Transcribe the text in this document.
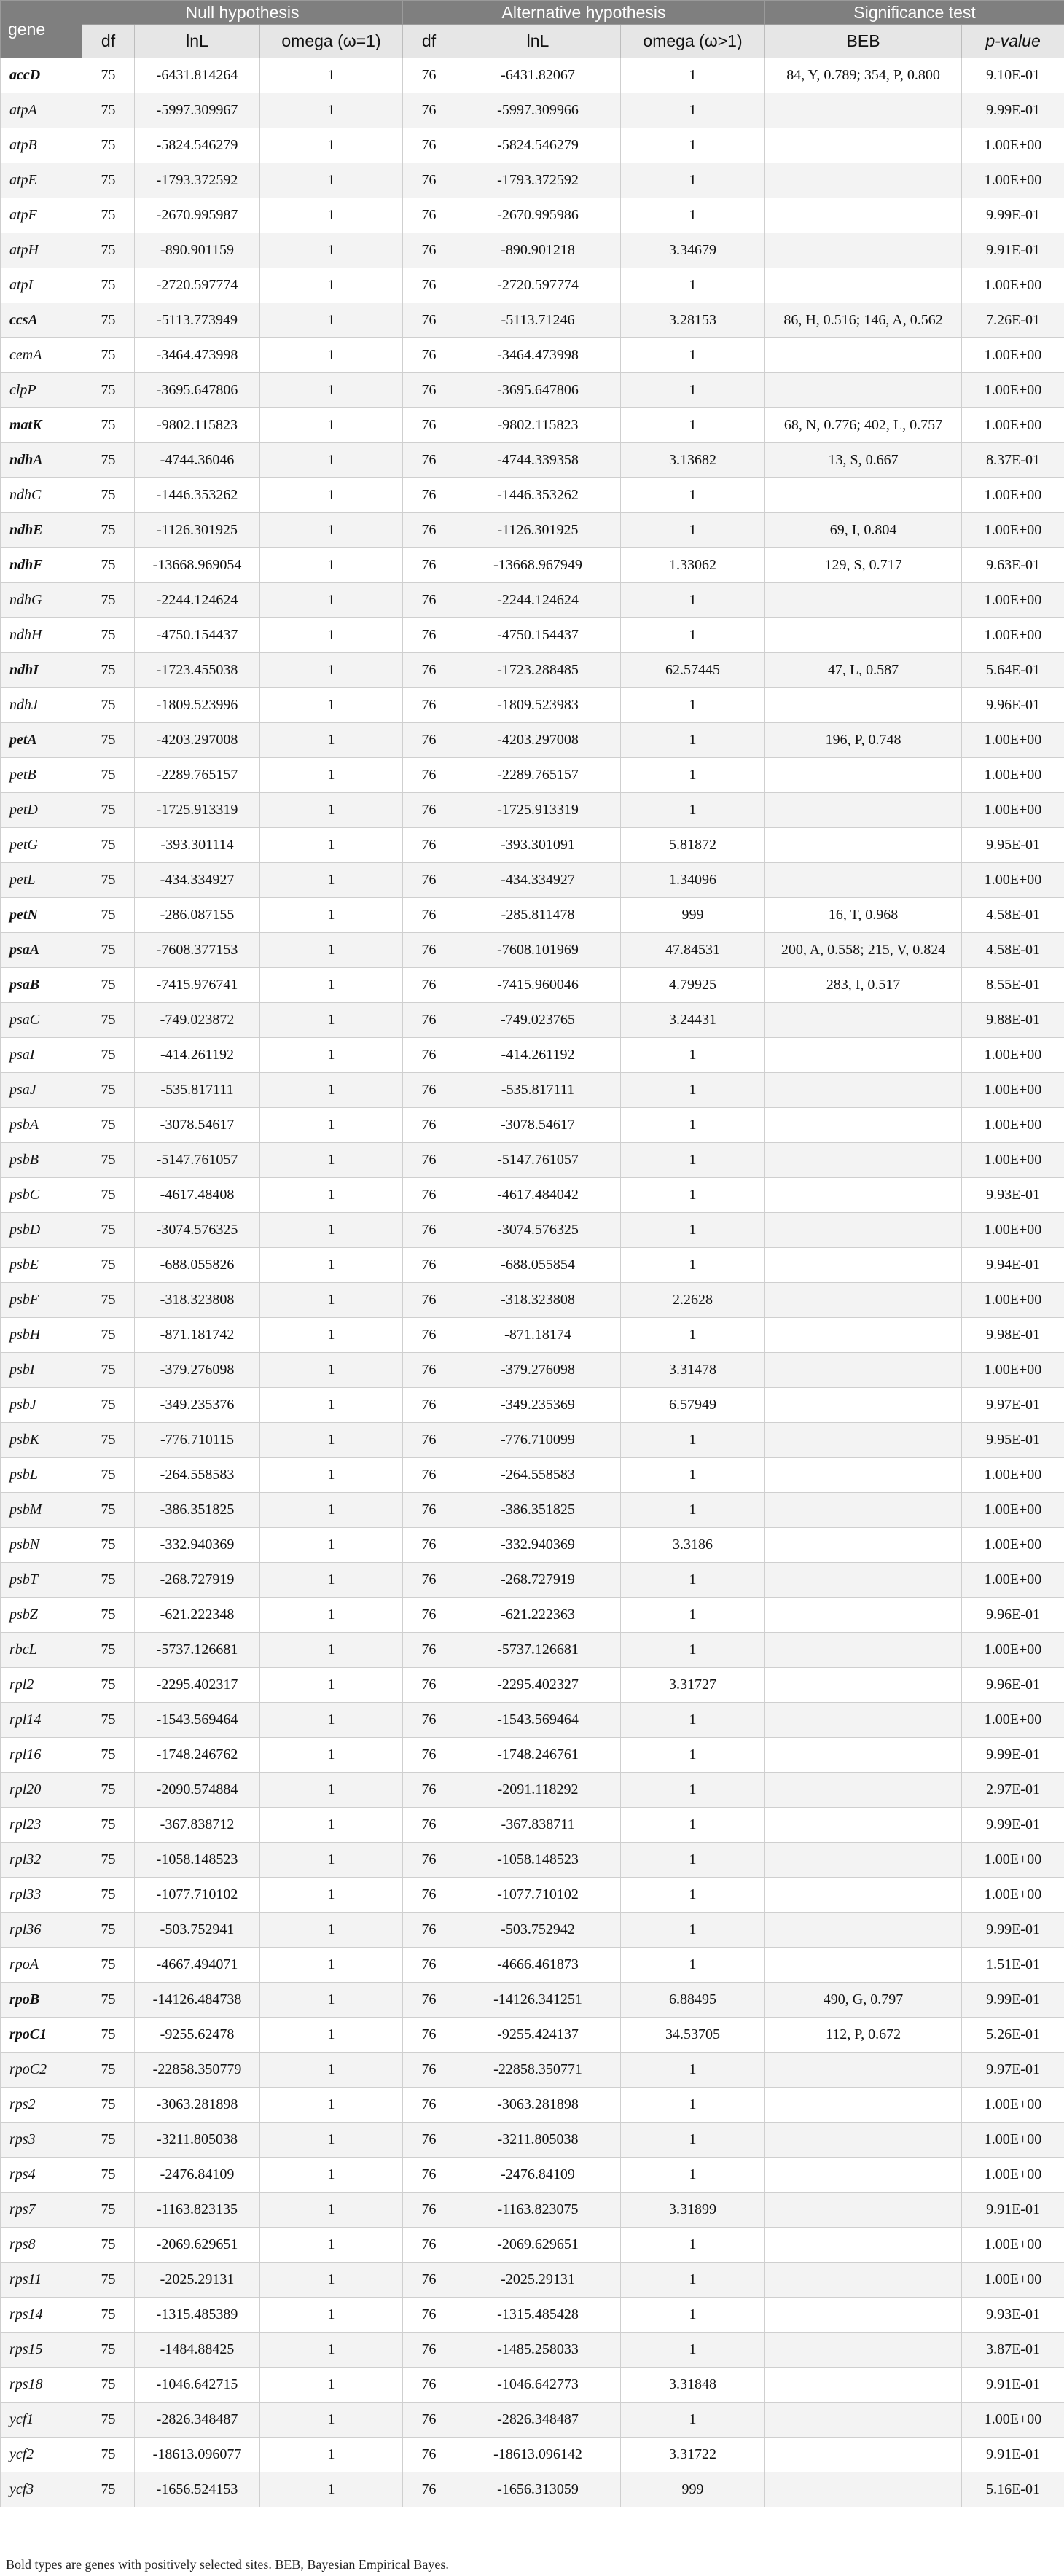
gene	Null hypothesis			Alternative hypothesis			Significance test	
	df	lnL	omega (ω=1)	df	lnL	omega (ω>1)	BEB	p-value
accD	75	-6431.814264	1	76	-6431.82067	1	84, Y, 0.789; 354, P, 0.800	9.10E-01
atpA	75	-5997.309967	1	76	-5997.309966	1		9.99E-01
atpB	75	-5824.546279	1	76	-5824.546279	1		1.00E+00
atpE	75	-1793.372592	1	76	-1793.372592	1		1.00E+00
atpF	75	-2670.995987	1	76	-2670.995986	1		9.99E-01
atpH	75	-890.901159	1	76	-890.901218	3.34679		9.91E-01
atpI	75	-2720.597774	1	76	-2720.597774	1		1.00E+00
ccsA	75	-5113.773949	1	76	-5113.71246	3.28153	86, H, 0.516; 146, A, 0.562	7.26E-01
cemA	75	-3464.473998	1	76	-3464.473998	1		1.00E+00
clpP	75	-3695.647806	1	76	-3695.647806	1		1.00E+00
matK	75	-9802.115823	1	76	-9802.115823	1	68, N, 0.776; 402, L, 0.757	1.00E+00
ndhA	75	-4744.36046	1	76	-4744.339358	3.13682	13, S, 0.667	8.37E-01
ndhC	75	-1446.353262	1	76	-1446.353262	1		1.00E+00
ndhE	75	-1126.301925	1	76	-1126.301925	1	69, I, 0.804	1.00E+00
ndhF	75	-13668.969054	1	76	-13668.967949	1.33062	129, S, 0.717	9.63E-01
ndhG	75	-2244.124624	1	76	-2244.124624	1		1.00E+00
ndhH	75	-4750.154437	1	76	-4750.154437	1		1.00E+00
ndhI	75	-1723.455038	1	76	-1723.288485	62.57445	47, L, 0.587	5.64E-01
ndhJ	75	-1809.523996	1	76	-1809.523983	1		9.96E-01
petA	75	-4203.297008	1	76	-4203.297008	1	196, P, 0.748	1.00E+00
petB	75	-2289.765157	1	76	-2289.765157	1		1.00E+00
petD	75	-1725.913319	1	76	-1725.913319	1		1.00E+00
petG	75	-393.301114	1	76	-393.301091	5.81872		9.95E-01
petL	75	-434.334927	1	76	-434.334927	1.34096		1.00E+00
petN	75	-286.087155	1	76	-285.811478	999	16, T, 0.968	4.58E-01
psaA	75	-7608.377153	1	76	-7608.101969	47.84531	200, A, 0.558; 215, V, 0.824	4.58E-01
psaB	75	-7415.976741	1	76	-7415.960046	4.79925	283, I, 0.517	8.55E-01
psaC	75	-749.023872	1	76	-749.023765	3.24431		9.88E-01
psaI	75	-414.261192	1	76	-414.261192	1		1.00E+00
psaJ	75	-535.817111	1	76	-535.817111	1		1.00E+00
psbA	75	-3078.54617	1	76	-3078.54617	1		1.00E+00
psbB	75	-5147.761057	1	76	-5147.761057	1		1.00E+00
psbC	75	-4617.48408	1	76	-4617.484042	1		9.93E-01
psbD	75	-3074.576325	1	76	-3074.576325	1		1.00E+00
psbE	75	-688.055826	1	76	-688.055854	1		9.94E-01
psbF	75	-318.323808	1	76	-318.323808	2.2628		1.00E+00
psbH	75	-871.181742	1	76	-871.18174	1		9.98E-01
psbI	75	-379.276098	1	76	-379.276098	3.31478		1.00E+00
psbJ	75	-349.235376	1	76	-349.235369	6.57949		9.97E-01
psbK	75	-776.710115	1	76	-776.710099	1		9.95E-01
psbL	75	-264.558583	1	76	-264.558583	1		1.00E+00
psbM	75	-386.351825	1	76	-386.351825	1		1.00E+00
psbN	75	-332.940369	1	76	-332.940369	3.3186		1.00E+00
psbT	75	-268.727919	1	76	-268.727919	1		1.00E+00
psbZ	75	-621.222348	1	76	-621.222363	1		9.96E-01
rbcL	75	-5737.126681	1	76	-5737.126681	1		1.00E+00
rpl2	75	-2295.402317	1	76	-2295.402327	3.31727		9.96E-01
rpl14	75	-1543.569464	1	76	-1543.569464	1		1.00E+00
rpl16	75	-1748.246762	1	76	-1748.246761	1		9.99E-01
rpl20	75	-2090.574884	1	76	-2091.118292	1		2.97E-01
rpl23	75	-367.838712	1	76	-367.838711	1		9.99E-01
rpl32	75	-1058.148523	1	76	-1058.148523	1		1.00E+00
rpl33	75	-1077.710102	1	76	-1077.710102	1		1.00E+00
rpl36	75	-503.752941	1	76	-503.752942	1		9.99E-01
rpoA	75	-4667.494071	1	76	-4666.461873	1		1.51E-01
rpoB	75	-14126.484738	1	76	-14126.341251	6.88495	490, G, 0.797	9.99E-01
rpoC1	75	-9255.62478	1	76	-9255.424137	34.53705	112, P, 0.672	5.26E-01
rpoC2	75	-22858.350779	1	76	-22858.350771	1		9.97E-01
rps2	75	-3063.281898	1	76	-3063.281898	1		1.00E+00
rps3	75	-3211.805038	1	76	-3211.805038	1		1.00E+00
rps4	75	-2476.84109	1	76	-2476.84109	1		1.00E+00
rps7	75	-1163.823135	1	76	-1163.823075	3.31899		9.91E-01
rps8	75	-2069.629651	1	76	-2069.629651	1		1.00E+00
rps11	75	-2025.29131	1	76	-2025.29131	1		1.00E+00
rps14	75	-1315.485389	1	76	-1315.485428	1		9.93E-01
rps15	75	-1484.88425	1	76	-1485.258033	1		3.87E-01
rps18	75	-1046.642715	1	76	-1046.642773	3.31848		9.91E-01
ycf1	75	-2826.348487	1	76	-2826.348487	1		1.00E+00
ycf2	75	-18613.096077	1	76	-18613.096142	3.31722		9.91E-01
ycf3	75	-1656.524153	1	76	-1656.313059	999		5.16E-01
Bold types are genes with positively selected sites. BEB, Bayesian Empirical Bayes.
